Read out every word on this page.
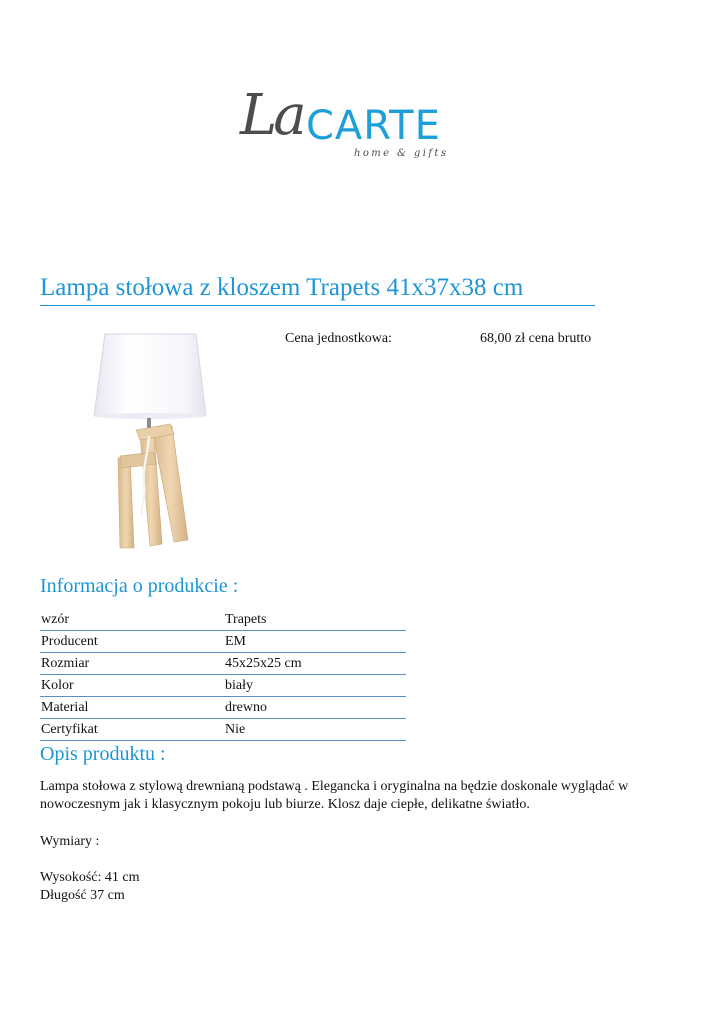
La CARTE
home & gifts
Lampa stołowa z kloszem Trapets 41x37x38 cm
Cena jednostkowa:	68,00 zł cena brutto
Informacja o produkcie :
wzór	Trapets
Producent	EM
Rozmiar	45x25x25 cm
Kolor	biały
Material	drewno
Certyfikat	Nie
Opis produktu :
Lampa stołowa z stylową drewnianą podstawą . Elegancka i oryginalna na będzie doskonale wyglądać w
nowoczesnym jak i klasycznym pokoju lub biurze. Klosz daje ciepłe, delikatne światło.
Wymiary :
Wysokość: 41 cm
Długość 37 cm
